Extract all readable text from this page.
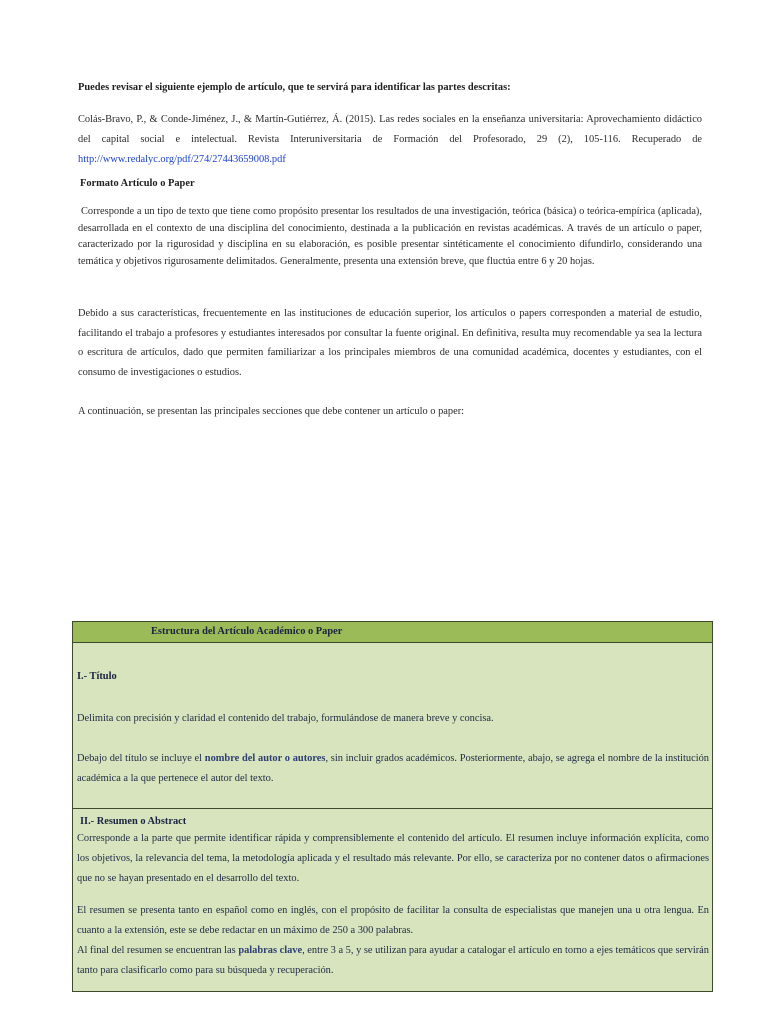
Puedes revisar el siguiente ejemplo de artículo, que te servirá para identificar las partes descritas:

Colás-Bravo, P., & Conde-Jiménez, J., & Martín-Gutiérrez, Á. (2015). Las redes sociales en la enseñanza universitaria: Aprovechamiento didáctico del capital social e intelectual. Revista Interuniversitaria de Formación del Profesorado, 29 (2), 105-116. Recuperado de http://www.redalyc.org/pdf/274/27443659008.pdf

Formato Artículo o Paper

Corresponde a un tipo de texto que tiene como propósito presentar los resultados de una investigación, teórica (básica) o teórica-empírica (aplicada), desarrollada en el contexto de una disciplina del conocimiento, destinada a la publicación en revistas académicas. A través de un artículo o paper, caracterizado por la rigurosidad y disciplina en su elaboración, es posible presentar sintéticamente el conocimiento difundirlo, considerando una temática y objetivos rigurosamente delimitados. Generalmente, presenta una extensión breve, que fluctúa entre 6 y 20 hojas.

Debido a sus características, frecuentemente en las instituciones de educación superior, los artículos o papers corresponden a material de estudio, facilitando el trabajo a profesores y estudiantes interesados por consultar la fuente original. En definitiva, resulta muy recomendable ya sea la lectura o escritura de artículos, dado que permiten familiarizar a los principales miembros de una comunidad académica, docentes y estudiantes, con el consumo de investigaciones o estudios.

A continuación, se presentan las principales secciones que debe contener un artículo o paper:

Estructura del Artículo Académico o Paper
I.- Título
Delimita con precisión y claridad el contenido del trabajo, formulándose de manera breve y concisa.
Debajo del título se incluye el nombre del autor o autores, sin incluir grados académicos. Posteriormente, abajo, se agrega el nombre de la institución académica a la que pertenece el autor del texto.
II.- Resumen o Abstract
Corresponde a la parte que permite identificar rápida y comprensiblemente el contenido del artículo. El resumen incluye información explícita, como los objetivos, la relevancia del tema, la metodología aplicada y el resultado más relevante. Por ello, se caracteriza por no contener datos o afirmaciones que no se hayan presentado en el desarrollo del texto.
El resumen se presenta tanto en español como en inglés, con el propósito de facilitar la consulta de especialistas que manejen una u otra lengua. En cuanto a la extensión, este se debe redactar en un máximo de 250 a 300 palabras.
Al final del resumen se encuentran las palabras clave, entre 3 a 5, y se utilizan para ayudar a catalogar el artículo en torno a ejes temáticos que servirán tanto para clasificarlo como para su búsqueda y recuperación.
